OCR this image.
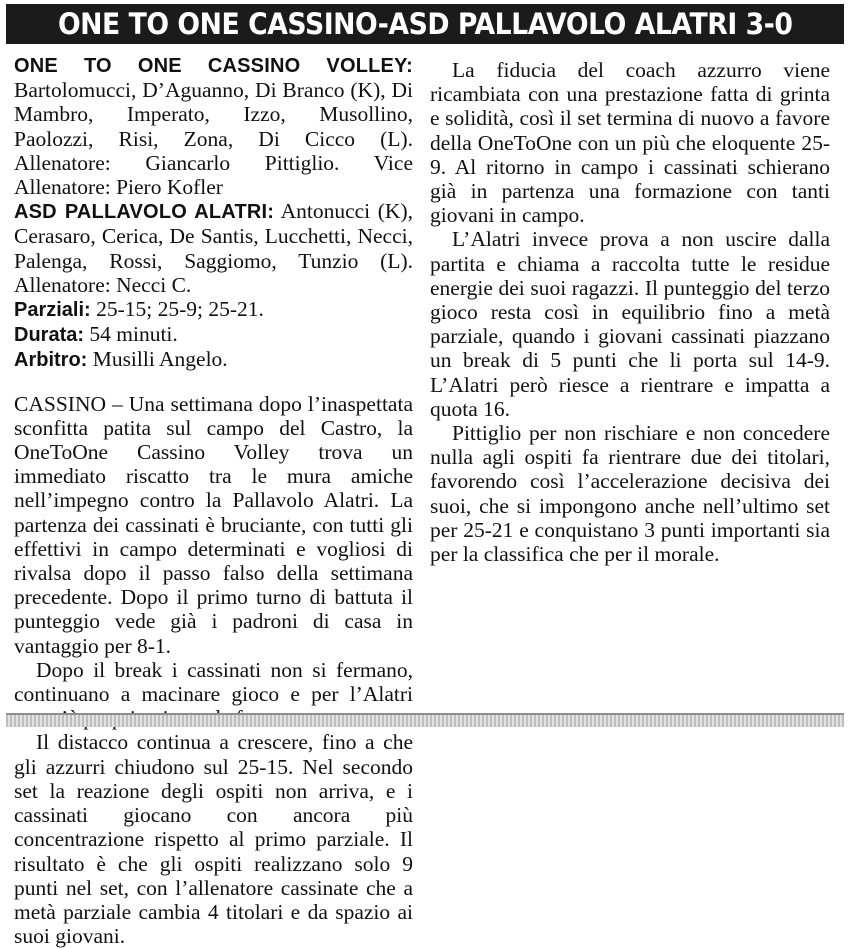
ONE TO ONE CASSINO-ASD PALLAVOLO ALATRI 3-0
ONE TO ONE CASSINO VOLLEY: Bartolomucci, D’Aguanno, Di Branco (K), Di Mambro, Imperato, Izzo, Musollino, Paolozzi, Risi, Zona, Di Cicco (L). Allenatore: Giancarlo Pittiglio. Vice Allenatore: Piero Kofler
ASD PALLAVOLO ALATRI: Antonucci (K), Cerasaro, Cerica, De Santis, Lucchetti, Necci, Palenga, Rossi, Saggiomo, Tunzio (L). Allenatore: Necci C.
Parziali: 25-15; 25-9; 25-21.
Durata: 54 minuti.
Arbitro: Musilli Angelo.

CASSINO – Una settimana dopo l’inaspettata sconfitta patita sul campo del Castro, la OneToOne Cassino Volley trova un immediato riscatto tra le mura amiche nell’impegno contro la Pallavolo Alatri. La partenza dei cassinati è bruciante, con tutti gli effettivi in campo determinati e vogliosi di rivalsa dopo il passo falso della settimana precedente. Dopo il primo turno di battuta il punteggio vede già i padroni di casa in vantaggio per 8-1.

Dopo il break i cassinati non si fermano, continuano a macinare gioco e per l’Alatri

Il distacco continua a crescere, fino a che gli azzurri chiudono sul 25-15. Nel secondo set la reazione degli ospiti non arriva, e i cassinati giocano con ancora più concentrazione rispetto al primo parziale. Il risultato è che gli ospiti realizzano solo 9 punti nel set, con l’allenatore cassinate che a metà parziale cambia 4 titolari e da spazio ai suoi giovani.

La fiducia del coach azzurro viene ricambiata con una prestazione fatta di grinta e solidità, così il set termina di nuovo a favore della OneToOne con un più che eloquente 25-9. Al ritorno in campo i cassinati schierano già in partenza una formazione con tanti giovani in campo.

L’Alatri invece prova a non uscire dalla partita e chiama a raccolta tutte le residue energie dei suoi ragazzi. Il punteggio del terzo gioco resta così in equilibrio fino a metà parziale, quando i giovani cassinati piazzano un break di 5 punti che li porta sul 14-9. L’Alatri però riesce a rientrare e impatta a quota 16.

Pittiglio per non rischiare e non concedere nulla agli ospiti fa rientrare due dei titolari, favorendo così l’accelerazione decisiva dei suoi, che si impongono anche nell’ultimo set per 25-21 e conquistano 3 punti importanti sia per la classifica che per il morale.
